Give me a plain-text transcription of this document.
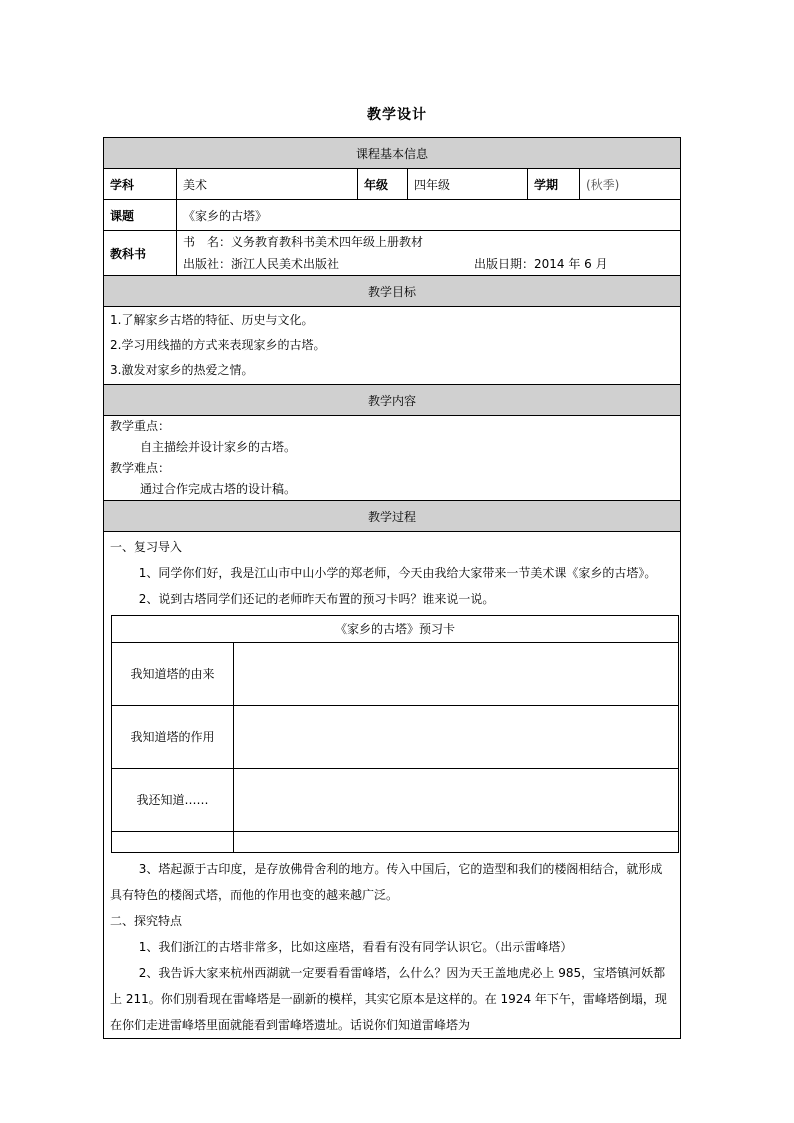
教学设计
课程基本信息
学科	美术	年级	四年级	学期	(秋季)
课题	《家乡的古塔》
教科书	
书　名：义务教育教科书美术四年级上册教材
出版社：浙江人民美术出版社	出版日期：2014 年 6 月

教学目标

1.了解家乡古塔的特征、历史与文化。
2.学习用线描的方式来表现家乡的古塔。
3.激发对家乡的热爱之情。

教学内容

教学重点：
自主描绘并设计家乡的古塔。
教学难点：
通过合作完成古塔的设计稿。

教学过程

一、复习导入

1、同学你们好，我是江山市中山小学的郑老师，今天由我给大家带来一节美术课《家乡的古塔》。

2、说到古塔同学们还记的老师昨天布置的预习卡吗？谁来说一说。

《家乡的古塔》预习卡
我知道塔的由来	
我知道塔的作用	
我还知道……	

3、塔起源于古印度，是存放佛骨舍利的地方。传入中国后，它的造型和我们的楼阁相结合，就形成具有特色的楼阁式塔，而他的作用也变的越来越广泛。

二、探究特点

1、我们浙江的古塔非常多，比如这座塔，看看有没有同学认识它。（出示雷峰塔）

2、我告诉大家来杭州西湖就一定要看看雷峰塔，么什么？因为天王盖地虎必上 985，宝塔镇河妖都上 211。你们别看现在雷峰塔是一副新的模样，其实它原本是这样的。在 1924 年下午，雷峰塔倒塌，现在你们走进雷峰塔里面就能看到雷峰塔遗址。话说你们知道雷峰塔为
